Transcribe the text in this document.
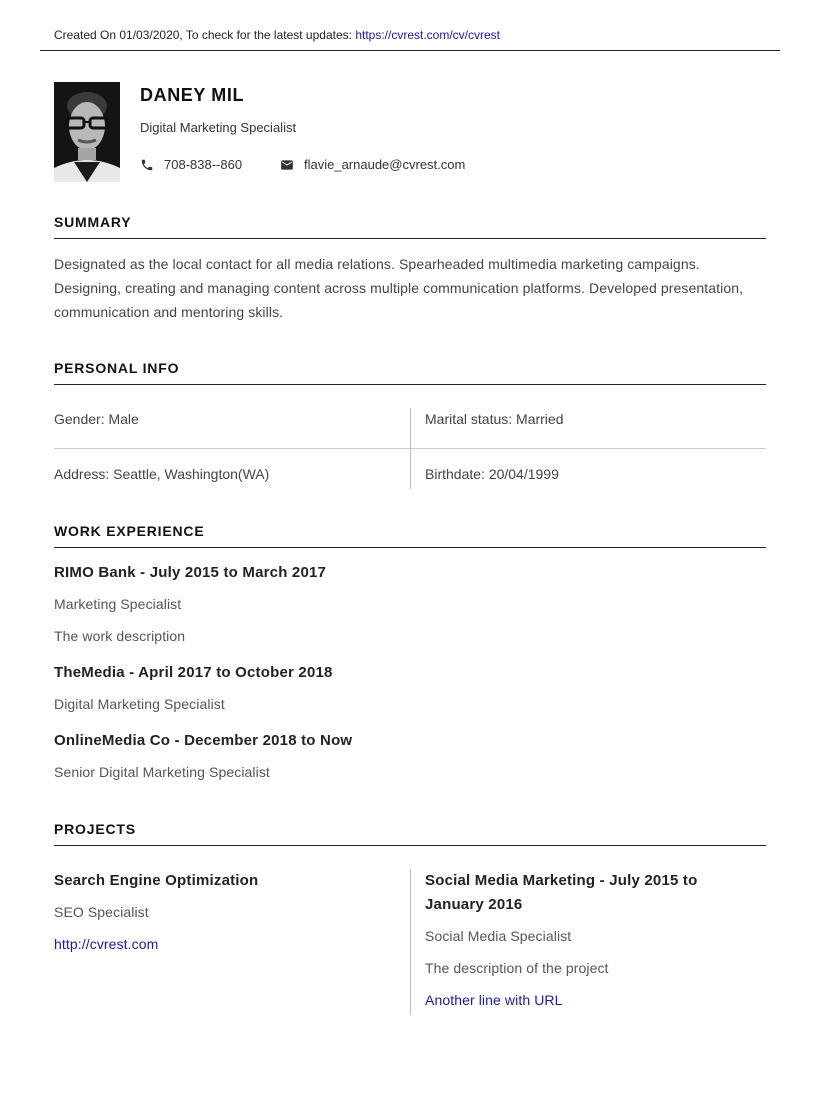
Created On 01/03/2020, To check for the latest updates: https://cvrest.com/cv/cvrest
DANEY MIL
Digital Marketing Specialist
708-838--860	flavie_arnaude@cvrest.com
SUMMARY
Designated as the local contact for all media relations. Spearheaded multimedia marketing campaigns. Designing, creating and managing content across multiple communication platforms. Developed presentation, communication and mentoring skills.
PERSONAL INFO
Gender: Male	Marital status: Married
Address: Seattle, Washington(WA)	Birthdate: 20/04/1999
WORK EXPERIENCE
RIMO Bank - July 2015 to March 2017
Marketing Specialist
The work description
TheMedia - April 2017 to October 2018
Digital Marketing Specialist
OnlineMedia Co - December 2018 to Now
Senior Digital Marketing Specialist
PROJECTS
Search Engine Optimization
SEO Specialist
http://cvrest.com
Social Media Marketing - July 2015 to January 2016
Social Media Specialist
The description of the project
Another line with URL
